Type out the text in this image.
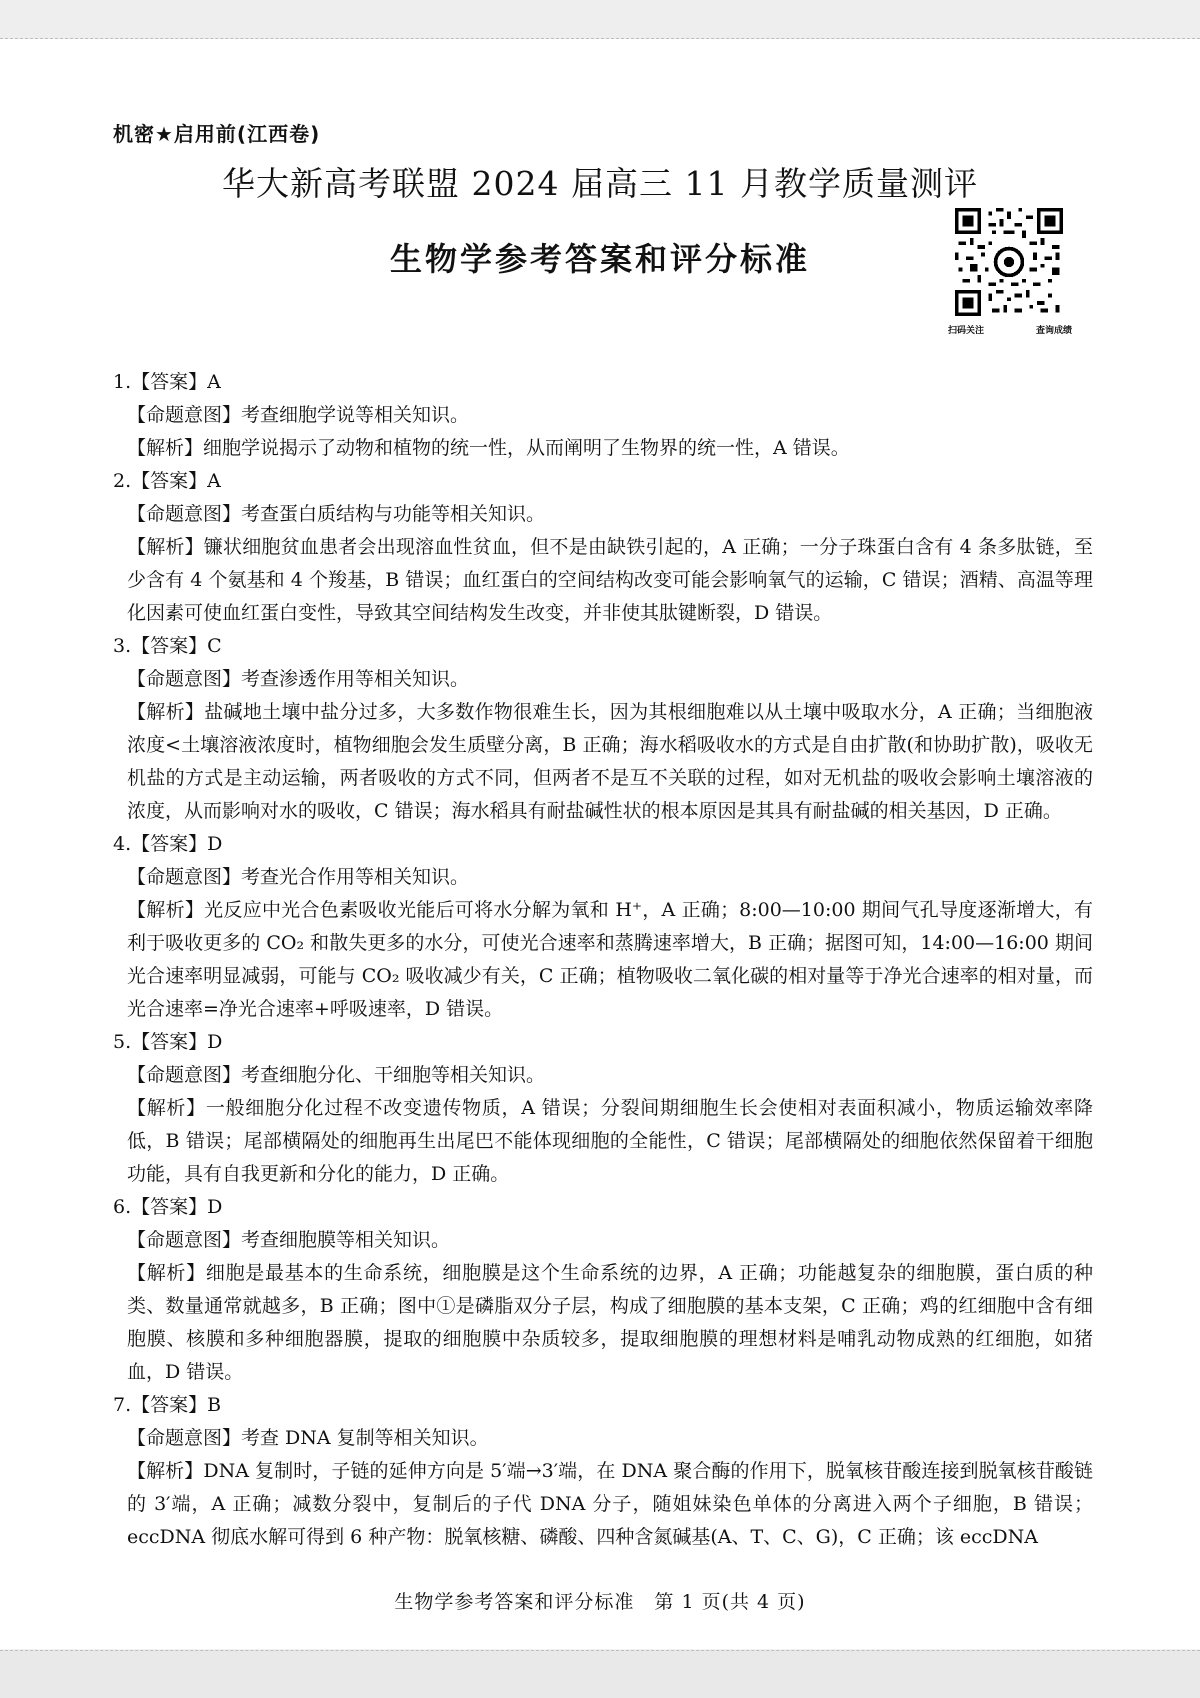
机密★启用前(江西卷)
华大新高考联盟 2024 届高三 11 月教学质量测评
生物学参考答案和评分标准
扫码关注	查询成绩

1.【答案】A

【命题意图】考查细胞学说等相关知识。

【解析】细胞学说揭示了动物和植物的统一性，从而阐明了生物界的统一性，A 错误。

2.【答案】A

【命题意图】考查蛋白质结构与功能等相关知识。

【解析】镰状细胞贫血患者会出现溶血性贫血，但不是由缺铁引起的，A 正确；一分子珠蛋白含有 4 条多肽链，至少含有 4 个氨基和 4 个羧基，B 错误；血红蛋白的空间结构改变可能会影响氧气的运输，C 错误；酒精、高温等理化因素可使血红蛋白变性，导致其空间结构发生改变，并非使其肽键断裂，D 错误。

3.【答案】C

【命题意图】考查渗透作用等相关知识。

【解析】盐碱地土壤中盐分过多，大多数作物很难生长，因为其根细胞难以从土壤中吸取水分，A 正确；当细胞液浓度<土壤溶液浓度时，植物细胞会发生质壁分离，B 正确；海水稻吸收水的方式是自由扩散(和协助扩散)，吸收无机盐的方式是主动运输，两者吸收的方式不同，但两者不是互不关联的过程，如对无机盐的吸收会影响土壤溶液的浓度，从而影响对水的吸收，C 错误；海水稻具有耐盐碱性状的根本原因是其具有耐盐碱的相关基因，D 正确。

4.【答案】D

【命题意图】考查光合作用等相关知识。

【解析】光反应中光合色素吸收光能后可将水分解为氧和 H⁺，A 正确；8:00—10:00 期间气孔导度逐渐增大，有利于吸收更多的 CO₂ 和散失更多的水分，可使光合速率和蒸腾速率增大，B 正确；据图可知，14:00—16:00 期间光合速率明显减弱，可能与 CO₂ 吸收减少有关，C 正确；植物吸收二氧化碳的相对量等于净光合速率的相对量，而光合速率=净光合速率+呼吸速率，D 错误。

5.【答案】D

【命题意图】考查细胞分化、干细胞等相关知识。

【解析】一般细胞分化过程不改变遗传物质，A 错误；分裂间期细胞生长会使相对表面积减小，物质运输效率降低，B 错误；尾部横隔处的细胞再生出尾巴不能体现细胞的全能性，C 错误；尾部横隔处的细胞依然保留着干细胞功能，具有自我更新和分化的能力，D 正确。

6.【答案】D

【命题意图】考查细胞膜等相关知识。

【解析】细胞是最基本的生命系统，细胞膜是这个生命系统的边界，A 正确；功能越复杂的细胞膜，蛋白质的种类、数量通常就越多，B 正确；图中①是磷脂双分子层，构成了细胞膜的基本支架，C 正确；鸡的红细胞中含有细胞膜、核膜和多种细胞器膜，提取的细胞膜中杂质较多，提取细胞膜的理想材料是哺乳动物成熟的红细胞，如猪血，D 错误。

7.【答案】B

【命题意图】考查 DNA 复制等相关知识。

【解析】DNA 复制时，子链的延伸方向是 5′端→3′端，在 DNA 聚合酶的作用下，脱氧核苷酸连接到脱氧核苷酸链的 3′端，A 正确；减数分裂中，复制后的子代 DNA 分子，随姐妹染色单体的分离进入两个子细胞，B 错误；eccDNA 彻底水解可得到 6 种产物：脱氧核糖、磷酸、四种含氮碱基(A、T、C、G)，C 正确；该 eccDNA

生物学参考答案和评分标准　第 1 页(共 4 页)
